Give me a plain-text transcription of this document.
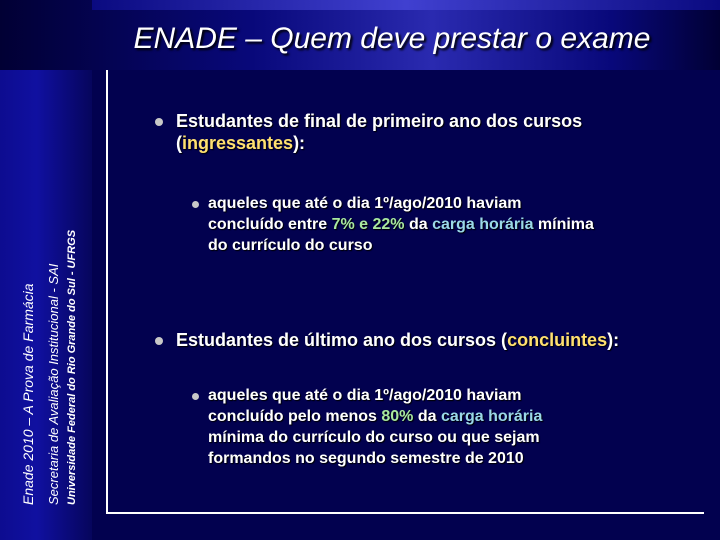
ENADE – Quem deve prestar o exame
Enade 2010 – A Prova de Farmácia Secretaria de Avaliação Institucional - SAI Universidade Federal do Rio Grande do Sul - UFRGS
Estudantes de final de primeiro ano dos cursos
(ingressantes):
aqueles que até o dia 1º/ago/2010 haviam
concluído entre 7% e 22% da carga horária mínima
do currículo do curso
Estudantes de último ano dos cursos (concluintes):
aqueles que até o dia 1º/ago/2010 haviam
concluído pelo menos 80% da carga horária
mínima do currículo do curso ou que sejam
formandos no segundo semestre de 2010
